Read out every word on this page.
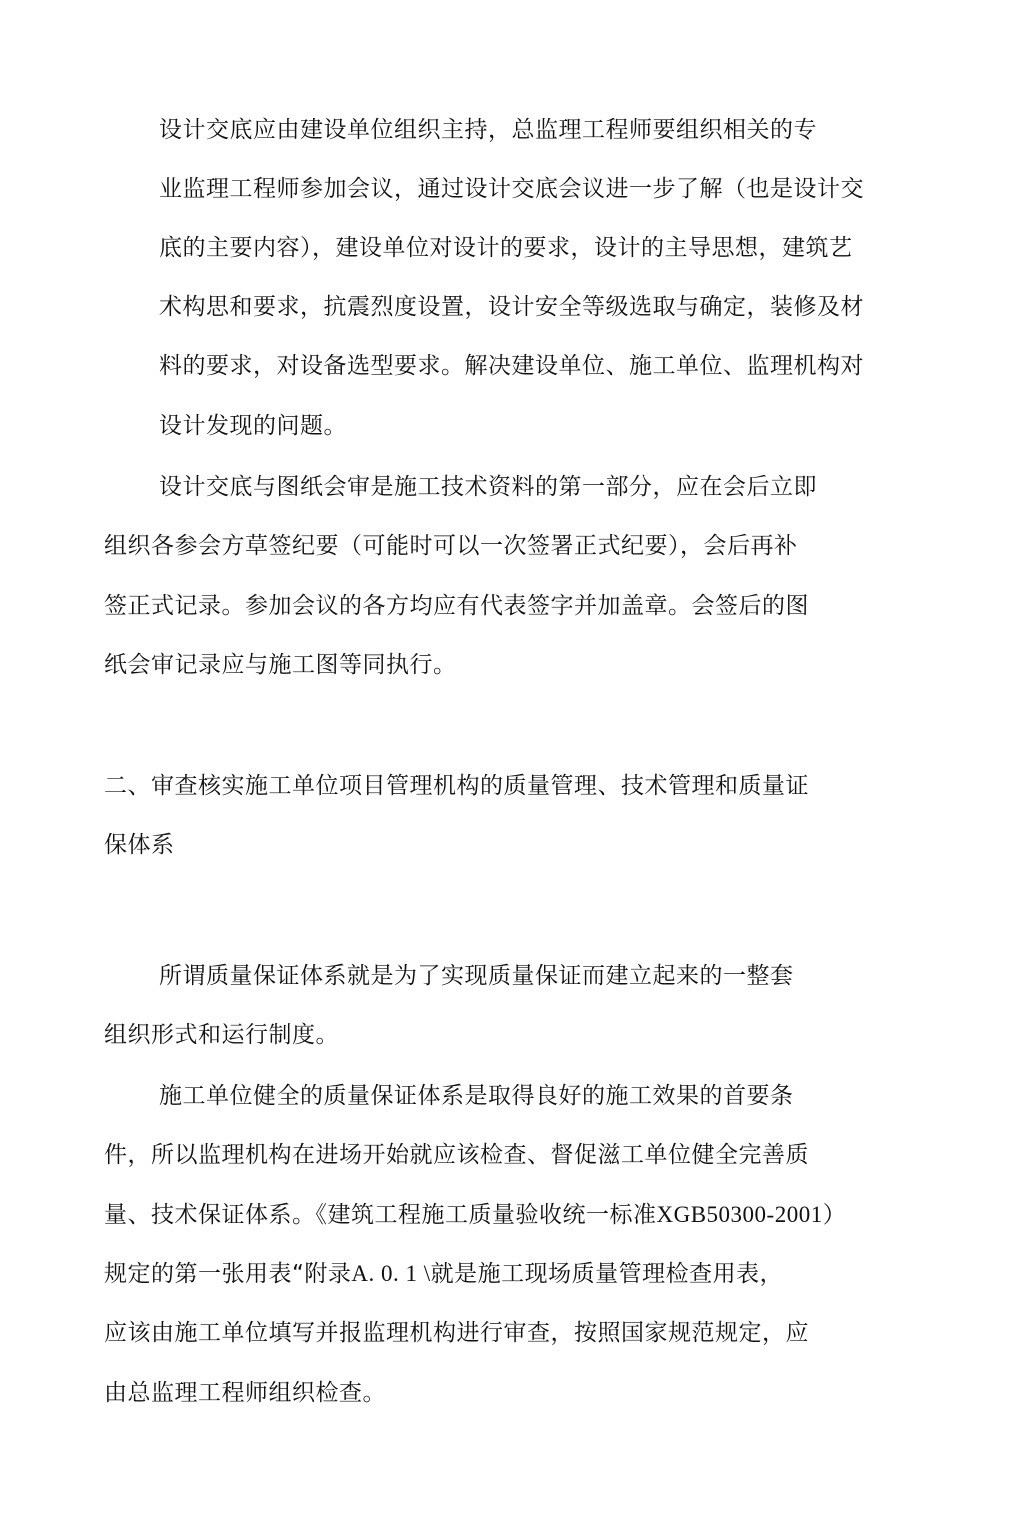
设计交底应由建设单位组织主持，总监理工程师要组织相关的专
业监理工程师参加会议，通过设计交底会议进一步了解（也是设计交
底的主要内容），建设单位对设计的要求，设计的主导思想，建筑艺
术构思和要求，抗震烈度设置，设计安全等级选取与确定，装修及材
料的要求，对设备选型要求。解决建设单位、施工单位、监理机构对
设计发现的问题。
设计交底与图纸会审是施工技术资料的第一部分，应在会后立即
组织各参会方草签纪要（可能时可以一次签署正式纪要），会后再补
签正式记录。参加会议的各方均应有代表签字并加盖章。会签后的图
纸会审记录应与施工图等同执行。
二、审查核实施工单位项目管理机构的质量管理、技术管理和质量证
保体系
所谓质量保证体系就是为了实现质量保证而建立起来的一整套
组织形式和运行制度。
施工单位健全的质量保证体系是取得良好的施工效果的首要条
件，所以监理机构在进场开始就应该检查、督促滋工单位健全完善质
量、技术保证体系。《建筑工程施工质量验收统一标准XGB50300-2001）
规定的第一张用表“附录A. 0. 1 \就是施工现场质量管理检查用表，
应该由施工单位填写并报监理机构进行审查，按照国家规范规定，应
由总监理工程师组织检查。
